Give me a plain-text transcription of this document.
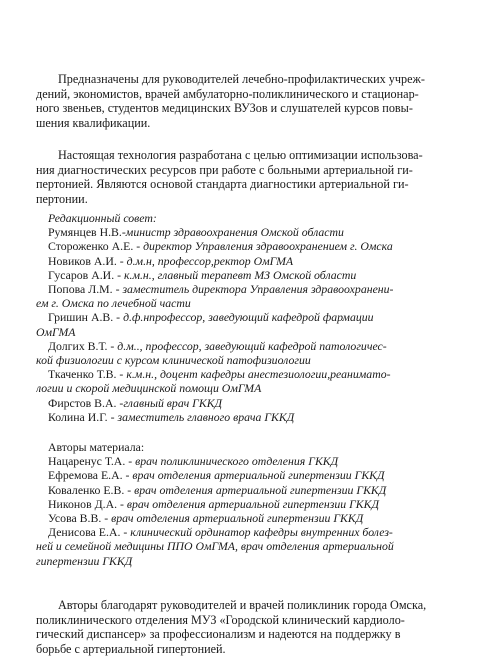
Предназначены для руководителей лечебно-профилактических учреж-
дений, экономистов, врачей амбулаторно-поликлинического и стационар-
ного звеньев, студентов медицинских ВУЗов и слушателей курсов повы-
шения квалификации.

Настоящая технология разработана с целью оптимизации использова-
ния диагностических ресурсов при работе с больными артериальной ги-
пертонией. Являются основой стандарта диагностики артериальной ги-
пертонии.

Редакционный совет:
Румянцев Н.В.-министр здравоохранения Омской области
Стороженко А.Е. - директор Управления здравоохранением г. Омска
Новиков А.И. - д.м.н, профессор,ректор ОмГМА
Гусаров А.И. - к.м.н., главный терапевт МЗ Омской области
Попова Л.М. - заместитель директора Управления здравоохранени-
ем г. Омска по лечебной части
Гришин А.В. - д.ф.нпрофессор, заведующий кафедрой фармации
ОмГМА
Долгих В.Т. - д.м.., профессор, заведующий кафедрой патологичес-
кой физиологии с курсом клинической патофизиологии
Ткаченко Т.В. - к.м.н., доцент кафедры анестезиологии,реанимато-
логии и скорой медицинской помощи ОмГМА
Фирстов В.А. -главный врач ГККД
Колина И.Г. - заместитель главного врача ГККД
Авторы материала:
Нацаренус Т.А. - врач поликлинического отделения ГККД
Ефремова Е.А. - врач отделения артериальной гипертензии ГККД
Коваленко Е.В. - врач отделения артериальной гипертензии ГККД
Никонов Д.А. - врач отделения артериальной гипертензии ГККД
Усова В.В. - врач отделения артериальной гипертензии ГККД
Денисова Е.А. - клинический ординатор кафедры внутренних болез-
ней и семейной медицины ППО ОмГМА, врач отделения артериальной
гипертензии ГККД

Авторы благодарят руководителей и врачей поликлиник города Омска,
поликлинического отделения МУЗ «Городской клинический кардиоло-
гический диспансер» за профессионализм и надеются на поддержку в
борьбе с артериальной гипертонией.
